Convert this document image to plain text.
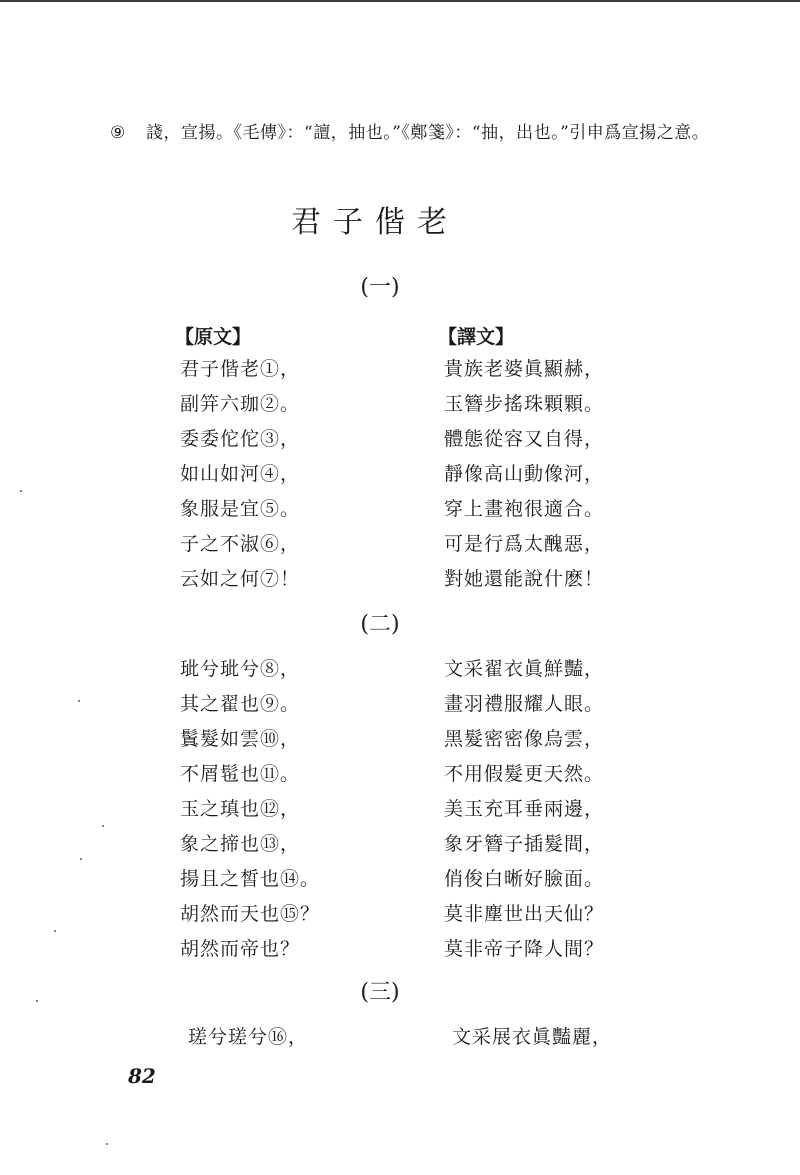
⑨ 諓，宣揚。《毛傳》：“譠，抽也。”《鄭箋》：“抽，出也。”引申爲宣揚之意。
君子偕老
(一)
【原文】	【譯文】
君子偕老①，
副笄六珈②。
委委佗佗③，
如山如河④，
象服是宜⑤。
子之不淑⑥，
云如之何⑦！
貴族老婆眞顯赫，
玉簪步搖珠顆顆。
體態從容又自得，
靜像高山動像河，
穿上畫袍很適合。
可是行爲太醜惡，
對她還能說什麽！
(二)
玼兮玼兮⑧，
其之翟也⑨。
鬒髮如雲⑩，
不屑髢也⑪。
玉之瑱也⑫，
象之揥也⑬，
揚且之皙也⑭。
胡然而天也⑮？
胡然而帝也？
文采翟衣眞鮮豔，
畫羽禮服耀人眼。
黑髮密密像烏雲，
不用假髮更天然。
美玉充耳垂兩邊，
象牙簪子插髮間，
俏俊白晰好臉面。
莫非塵世出天仙？
莫非帝子降人間？
(三)
瑳兮瑳兮⑯，	文采展衣眞豔麗，
82
